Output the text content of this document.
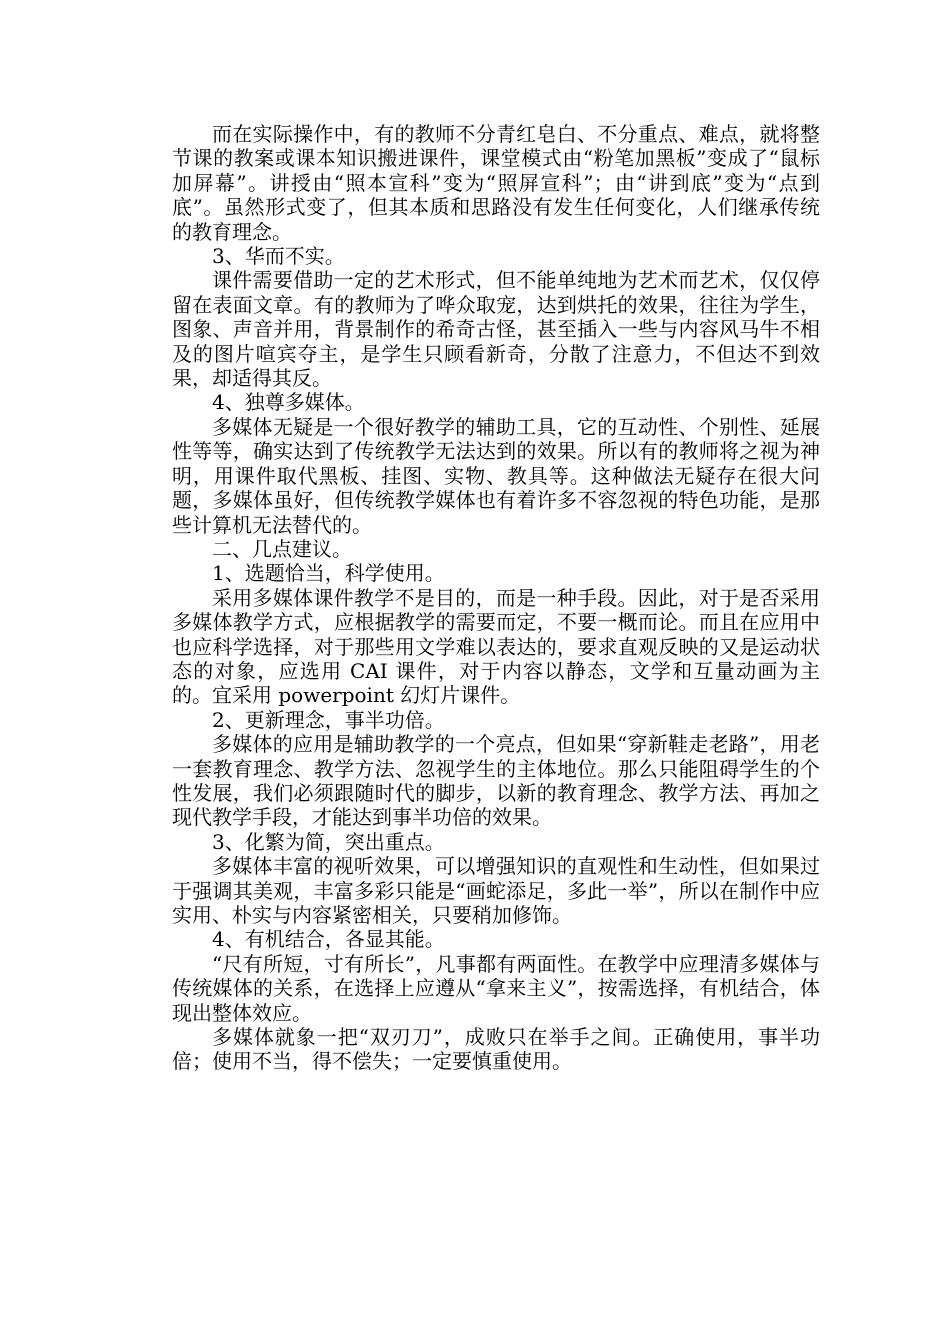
而在实际操作中，有的教师不分青红皂白、不分重点、难点，就将整节课的教案或课本知识搬进课件，课堂模式由“粉笔加黑板”变成了“鼠标加屏幕”。讲授由“照本宣科”变为“照屏宣科”；由“讲到底”变为“点到底”。虽然形式变了，但其本质和思路没有发生任何变化，人们继承传统的教育理念。

3、华而不实。

课件需要借助一定的艺术形式，但不能单纯地为艺术而艺术，仅仅停留在表面文章。有的教师为了哗众取宠，达到烘托的效果，往往为学生，图象、声音并用，背景制作的希奇古怪，甚至插入一些与内容风马牛不相及的图片喧宾夺主，是学生只顾看新奇，分散了注意力，不但达不到效果，却适得其反。

4、独尊多媒体。

多媒体无疑是一个很好教学的辅助工具，它的互动性、个别性、延展性等等，确实达到了传统教学无法达到的效果。所以有的教师将之视为神明，用课件取代黑板、挂图、实物、教具等。这种做法无疑存在很大问题，多媒体虽好，但传统教学媒体也有着许多不容忽视的特色功能，是那些计算机无法替代的。

二、几点建议。

1、选题恰当，科学使用。

采用多媒体课件教学不是目的，而是一种手段。因此，对于是否采用多媒体教学方式，应根据教学的需要而定，不要一概而论。而且在应用中也应科学选择，对于那些用文学难以表达的，要求直观反映的又是运动状态的对象，应选用 CAI 课件，对于内容以静态，文学和互量动画为主的。宜采用 powerpoint 幻灯片课件。

2、更新理念，事半功倍。

多媒体的应用是辅助教学的一个亮点，但如果“穿新鞋走老路”，用老一套教育理念、教学方法、忽视学生的主体地位。那么只能阻碍学生的个性发展，我们必须跟随时代的脚步，以新的教育理念、教学方法、再加之现代教学手段，才能达到事半功倍的效果。

3、化繁为简，突出重点。

多媒体丰富的视听效果，可以增强知识的直观性和生动性，但如果过于强调其美观，丰富多彩只能是“画蛇添足，多此一举”，所以在制作中应实用、朴实与内容紧密相关，只要稍加修饰。

4、有机结合，各显其能。

“尺有所短，寸有所长”，凡事都有两面性。在教学中应理清多媒体与传统媒体的关系，在选择上应遵从“拿来主义”，按需选择，有机结合，体现出整体效应。

多媒体就象一把“双刃刀”，成败只在举手之间。正确使用，事半功倍；使用不当，得不偿失；一定要慎重使用。
